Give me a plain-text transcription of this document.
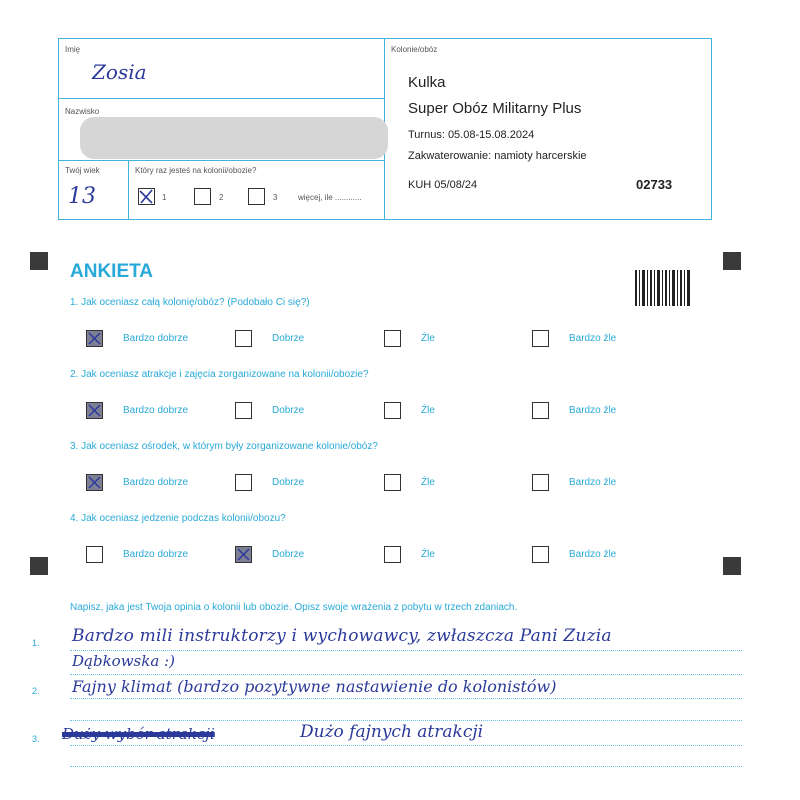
Imię
Zosia
Nazwisko
Twój wiek
13
Który raz jesteś na kolonii/obozie?
1	2	3	więcej, ile ............
Kolonie/obóz
Kulka
Super Obóz Militarny Plus
Turnus: 05.08-15.08.2024
Zakwaterowanie: namioty harcerskie
KUH 05/08/24	02733
ANKIETA
1. Jak oceniasz całą kolonię/obóz? (Podobało Ci się?)
Bardzo dobrze	Dobrze	Źle	Bardzo źle
2. Jak oceniasz atrakcje i zajęcia zorganizowane na kolonii/obozie?
Bardzo dobrze	Dobrze	Źle	Bardzo źle
3. Jak oceniasz ośrodek, w którym były zorganizowane kolonie/obóz?
Bardzo dobrze	Dobrze	Źle	Bardzo źle
4. Jak oceniasz jedzenie podczas kolonii/obozu?
Bardzo dobrze	Dobrze	Źle	Bardzo źle
Napisz, jaka jest Twoja opinia o kolonii lub obozie. Opisz swoje wrażenia z pobytu w trzech zdaniach.
1.
2.
3.
Bardzo mili instruktorzy i wychowawcy, zwłaszcza Pani Zuzia
Dąbkowska :)
Fajny klimat (bardzo pozytywne nastawienie do kolonistów)
Duży wybór atrakcji	Dużo fajnych atrakcji
